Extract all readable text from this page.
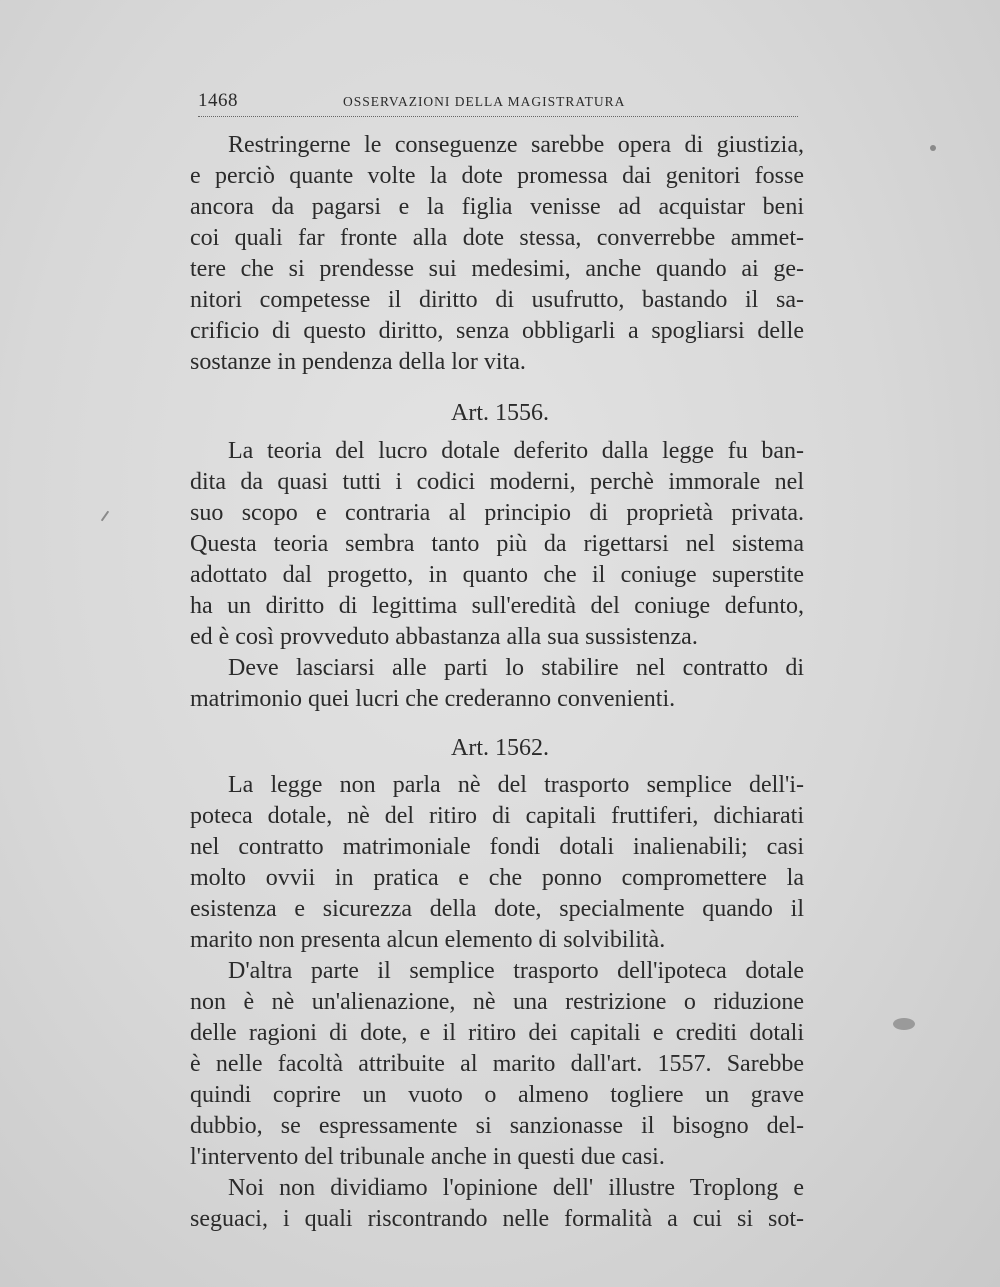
1468	OSSERVAZIONI DELLA MAGISTRATURA
Restringerne le conseguenze sarebbe opera di giustizia,
e perciò quante volte la dote promessa dai genitori fosse
ancora da pagarsi e la figlia venisse ad acquistar beni
coi quali far fronte alla dote stessa, converrebbe ammet-
tere che si prendesse sui medesimi, anche quando ai ge-
nitori competesse il diritto di usufrutto, bastando il sa-
crificio di questo diritto, senza obbligarli a spogliarsi delle
sostanze in pendenza della lor vita.
Art. 1556.
La teoria del lucro dotale deferito dalla legge fu ban-
dita da quasi tutti i codici moderni, perchè immorale nel
suo scopo e contraria al principio di proprietà privata.
Questa teoria sembra tanto più da rigettarsi nel sistema
adottato dal progetto, in quanto che il coniuge superstite
ha un diritto di legittima sull'eredità del coniuge defunto,
ed è così provveduto abbastanza alla sua sussistenza.
Deve lasciarsi alle parti lo stabilire nel contratto di
matrimonio quei lucri che crederanno convenienti.
Art. 1562.
La legge non parla nè del trasporto semplice dell'i-
poteca dotale, nè del ritiro di capitali fruttiferi, dichiarati
nel contratto matrimoniale fondi dotali inalienabili; casi
molto ovvii in pratica e che ponno compromettere la
esistenza e sicurezza della dote, specialmente quando il
marito non presenta alcun elemento di solvibilità.
D'altra parte il semplice trasporto dell'ipoteca dotale
non è nè un'alienazione, nè una restrizione o riduzione
delle ragioni di dote, e il ritiro dei capitali e crediti dotali
è nelle facoltà attribuite al marito dall'art. 1557. Sarebbe
quindi coprire un vuoto o almeno togliere un grave
dubbio, se espressamente si sanzionasse il bisogno del-
l'intervento del tribunale anche in questi due casi.
Noi non dividiamo l'opinione dell' illustre Troplong e
seguaci, i quali riscontrando nelle formalità a cui si sot-
